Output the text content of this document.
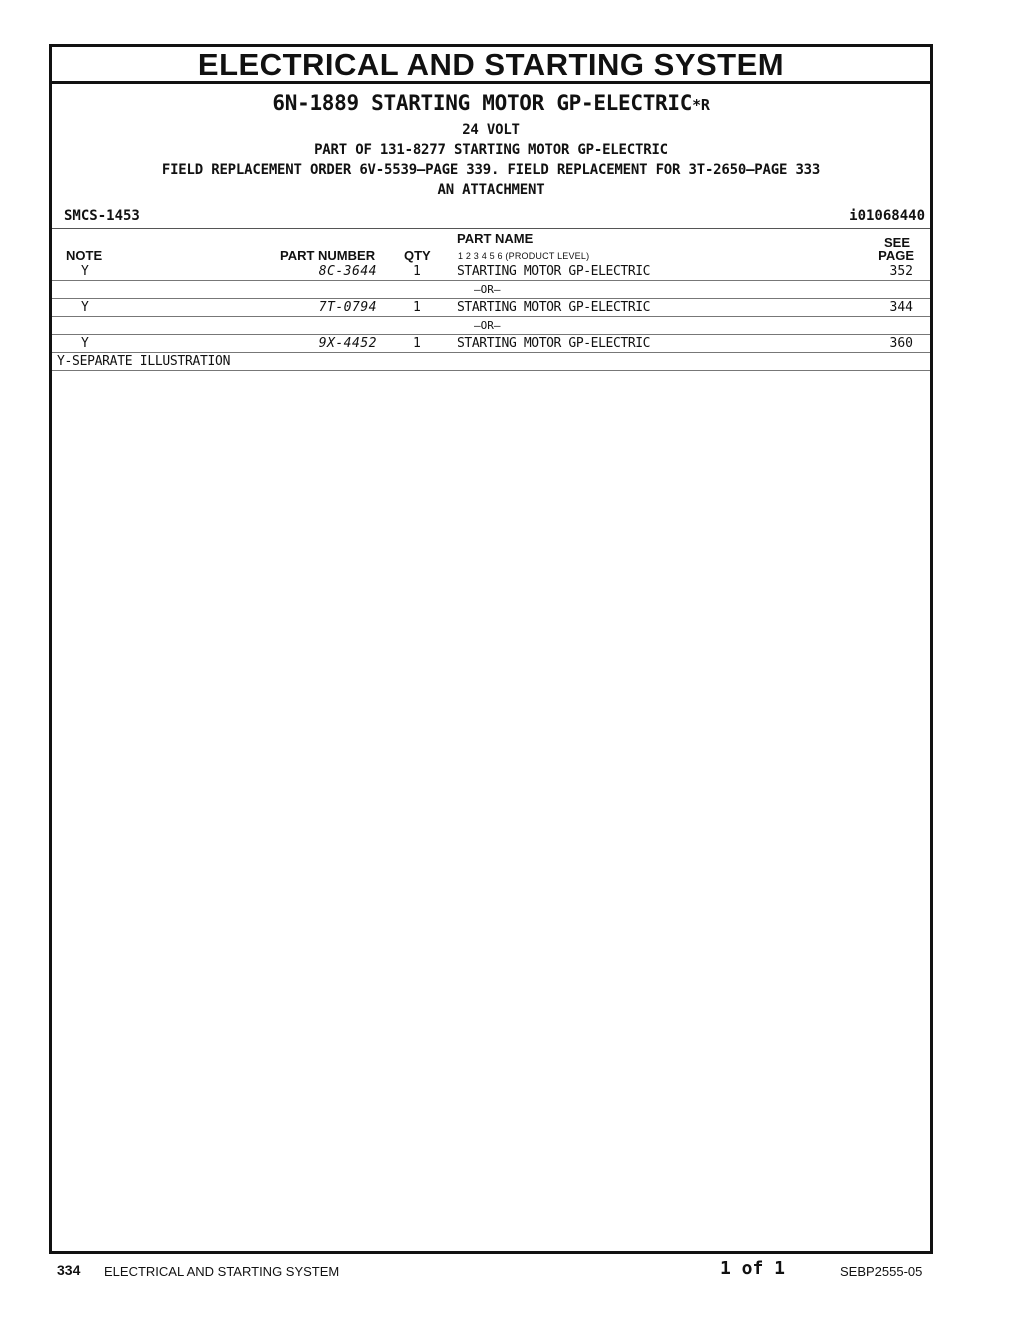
ELECTRICAL AND STARTING SYSTEM
6N-1889 STARTING MOTOR GP-ELECTRIC*R
24 VOLT
PART OF 131-8277 STARTING MOTOR GP-ELECTRIC
FIELD REPLACEMENT ORDER 6V-5539—PAGE 339. FIELD REPLACEMENT FOR 3T-2650—PAGE 333
AN ATTACHMENT
SMCS-1453	i01068440
NOTE	PART NUMBER QTY
PART NAME
1 2 3 4 5 6 (PRODUCT LEVEL)
SEE
PAGE
Y	8C-3644	1	STARTING MOTOR GP-ELECTRIC	352
—OR—
Y	7T-0794	1	STARTING MOTOR GP-ELECTRIC	344
—OR—
Y	9X-4452	1	STARTING MOTOR GP-ELECTRIC	360
Y-SEPARATE ILLUSTRATION
334 ELECTRICAL AND STARTING SYSTEM	1 of 1	SEBP2555-05
